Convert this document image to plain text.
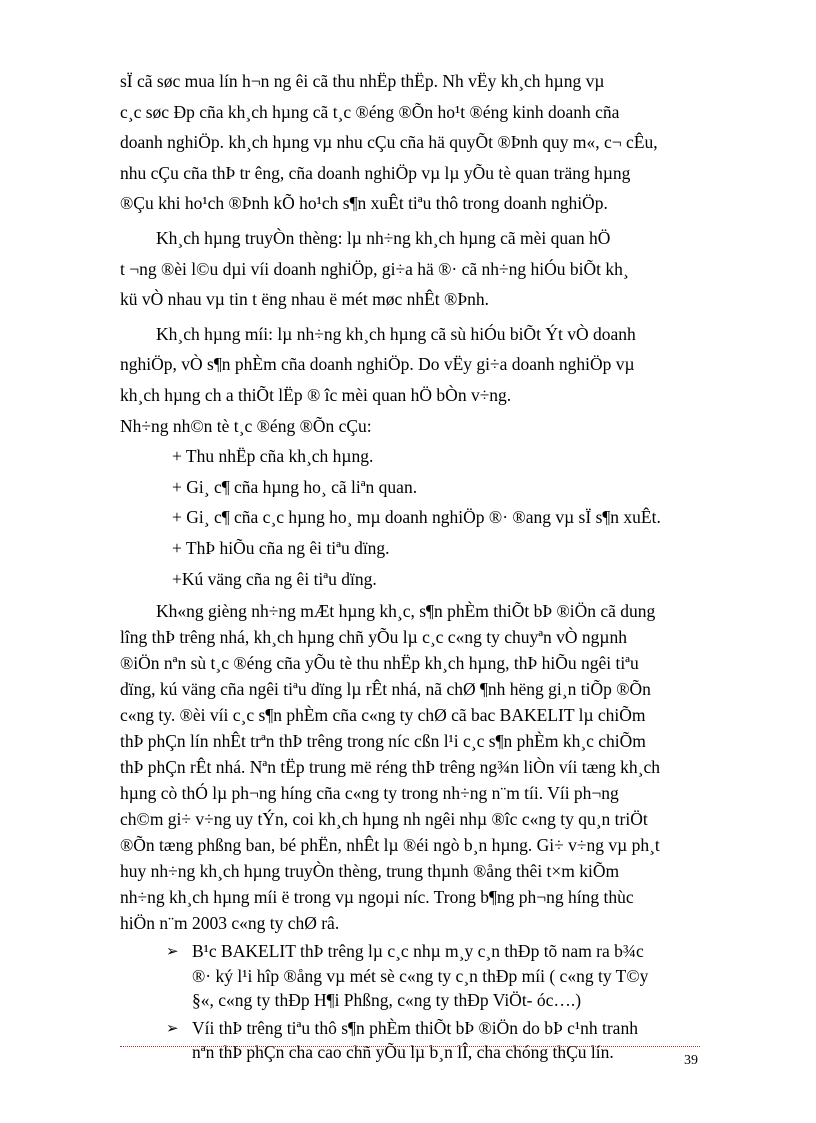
sÏ cã søc mua lín h¬n ng êi cã thu nhËp thËp. Nh vËy kh¸ch hµng vµ
c¸c søc Ðp cña kh¸ch hµng cã t¸c ®éng ®Õn ho¹t ®éng kinh doanh cña
doanh nghiÖp. kh¸ch hµng vµ nhu cÇu cña hä quyÕt ®Þnh quy m«, c¬ cÊu,
nhu cÇu cña thÞ tr êng, cña doanh nghiÖp vµ lµ yÕu tè quan träng hµng
®Çu khi ho¹ch ®Þnh kÕ ho¹ch s¶n xuÊt tiªu thô trong doanh nghiÖp.

Kh¸ch hµng truyÒn thèng: lµ nh÷ng kh¸ch hµng cã mèi quan hÖ
t ¬ng ®èi l©u dµi víi doanh nghiÖp, gi÷a hä ®· cã nh÷ng hiÓu biÕt kh¸
kü vÒ nhau vµ tin t ëng nhau ë mét møc nhÊt ®Þnh.

Kh¸ch hµng míi: lµ nh÷ng kh¸ch hµng cã sù hiÓu biÕt Ýt vÒ doanh
nghiÖp, vÒ s¶n phÈm cña doanh nghiÖp. Do vËy gi÷a doanh nghiÖp vµ
kh¸ch hµng ch a thiÕt lËp ® îc mèi quan hÖ bÒn v÷ng.

Nh÷ng nh©n tè t¸c ®éng ®Õn cÇu:

+ Thu nhËp cña kh¸ch hµng.

+ Gi¸ c¶ cña hµng ho¸ cã liªn quan.

+ Gi¸ c¶ cña c¸c hµng ho¸ mµ doanh nghiÖp ®· ®ang vµ sÏ s¶n xuÊt.

+ ThÞ hiÕu cña ng êi tiªu dïng.

+Kú väng cña ng êi tiªu dïng.

Kh«ng gièng nh÷ng mÆt hµng kh¸c, s¶n phÈm thiÕt bÞ ®iÖn cã dung
lîng thÞ trêng nhá, kh¸ch hµng chñ yÕu lµ c¸c c«ng ty chuyªn vÒ ngµnh
®iÖn nªn sù t¸c ®éng cña yÕu tè thu nhËp kh¸ch hµng, thÞ hiÕu ngêi tiªu
dïng, kú väng cña ngêi tiªu dïng lµ rÊt nhá, nã chØ ¶nh hëng gi¸n tiÕp ®Õn
c«ng ty. ®èi víi c¸c s¶n phÈm cña c«ng ty chØ cã bac BAKELIT lµ chiÕm
thÞ phÇn lín nhÊt trªn thÞ trêng trong níc cßn l¹i c¸c s¶n phÈm kh¸c chiÕm
thÞ phÇn rÊt nhá. Nªn tËp trung më réng thÞ trêng ng¾n liÒn víi tæng kh¸ch
hµng cò thÓ lµ ph¬ng híng cña c«ng ty trong nh÷ng n¨m tíi. Víi ph¬ng
ch©m gi÷ v÷ng uy tÝn, coi kh¸ch hµng nh ngêi nhµ ®îc c«ng ty qu¸n triÖt
®Õn tæng phßng ban, bé phËn, nhÊt lµ ®éi ngò b¸n hµng. Gi÷ v÷ng vµ ph¸t
huy nh÷ng kh¸ch hµng truyÒn thèng, trung thµnh ®ång thêi t×m kiÕm
nh÷ng kh¸ch hµng míi ë trong vµ ngoµi níc. Trong b¶ng ph¬ng híng thùc
hiÖn n¨m 2003 c«ng ty chØ râ.

➢ B¹c BAKELIT thÞ trêng lµ c¸c nhµ m¸y c¸n thÐp tõ nam ra b¾c
®· ký l¹i hîp ®ång vµ mét sè c«ng ty c¸n thÐp míi ( c«ng ty T©y
§«, c«ng ty thÐp H¶i Phßng, c«ng ty thÐp ViÖt- óc….)

➢ Víi thÞ trêng tiªu thô s¶n phÈm thiÕt bÞ ®iÖn do bÞ c¹nh tranh
nªn thÞ phÇn cha cao chñ yÕu lµ b¸n lÎ, cha chóng thÇu lín.	39
